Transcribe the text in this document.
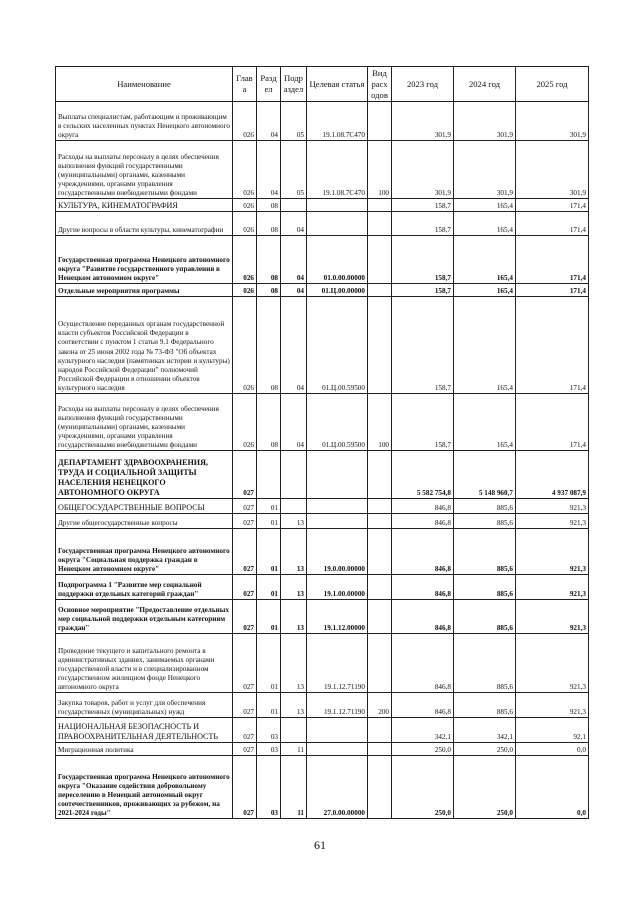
Наименование	Глав а	Разд ел	Подр аздел	Целевая статья	Вид расх одов	2023 год	2024 год	2025 год
Выплаты специалистам, работающим и проживающим в сельских населенных пунктах Ненецкого автономного округа	026	04	05	19.1.08.7С470		301,9	301,9	301,9
Расходы на выплаты персоналу в целях обеспечения выполнения функций государственными (муниципальными) органами, казенными учреждениями, органами управления государственными внебюджетными фондами	026	04	05	19.1.08.7С470	100	301,9	301,9	301,9
КУЛЬТУРА, КИНЕМАТОГРАФИЯ	026	08				158,7	165,4	171,4
Другие вопросы в области культуры, кинематографии	026	08	04			158,7	165,4	171,4
Государственная программа Ненецкого автономного округа "Развитие государственного управления в Ненецком автономном округе"	026	08	04	01.0.00.00000		158,7	165,4	171,4
Отдельные мероприятия программы	026	08	04	01.Ц.00.00000		158,7	165,4	171,4
Осуществление переданных органам государственной власти субъектов Российской Федерации в соответствии с пунктом 1 статьи 9.1 Федерального закона от 25 июня 2002 года № 73-ФЗ "Об объектах культурного наследия (памятниках истории и культуры) народов Российской Федерации" полномочий Российской Федерации в отношении объектов культурного наследия	026	08	04	01.Ц.00.59500		158,7	165,4	171,4
Расходы на выплаты персоналу в целях обеспечения выполнения функций государственными (муниципальными) органами, казенными учреждениями, органами управления государственными внебюджетными фондами	026	08	04	01.Ц.00.59500	100	158,7	165,4	171,4
ДЕПАРТАМЕНТ ЗДРАВООХРАНЕНИЯ, ТРУДА И СОЦИАЛЬНОЙ ЗАЩИТЫ НАСЕЛЕНИЯ НЕНЕЦКОГО АВТОНОМНОГО ОКРУГА	027					5 582 754,8	5 148 960,7	4 937 087,9
ОБЩЕГОСУДАРСТВЕННЫЕ ВОПРОСЫ	027	01				846,8	885,6	921,3
Другие общегосударственные вопросы	027	01	13			846,8	885,6	921,3
Государственная программа Ненецкого автономного округа "Социальная поддержка граждан в Ненецком автономном округе"	027	01	13	19.0.00.00000		846,8	885,6	921,3
Подпрограмма 1 "Развитие мер социальной поддержки отдельных категорий граждан"	027	01	13	19.1.00.00000		846,8	885,6	921,3
Основное мероприятие "Предоставление отдельных мер социальной поддержки отдельным категориям граждан"	027	01	13	19.1.12.00000		846,8	885,6	921,3
Проведение текущего и капитального ремонта в административных зданиях, занимаемых органами государственной власти и в специализированном государственном жилищном фонде Ненецкого автономного округа	027	01	13	19.1.12.71190		846,8	885,6	921,3
Закупка товаров, работ и услуг для обеспечения государственных (муниципальных) нужд	027	01	13	19.1.12.71190	200	846,8	885,6	921,3
НАЦИОНАЛЬНАЯ БЕЗОПАСНОСТЬ И ПРАВООХРАНИТЕЛЬНАЯ ДЕЯТЕЛЬНОСТЬ	027	03				342,1	342,1	92,1
Миграционная политика	027	03	11			250,0	250,0	0,0
Государственная программа Ненецкого автономного округа "Оказание содействия добровольному переселению в Ненецкий автономный округ соотечественников, проживающих за рубежом, на 2021-2024 годы"	027	03	11	27.0.00.00000		250,0	250,0	0,0
61
